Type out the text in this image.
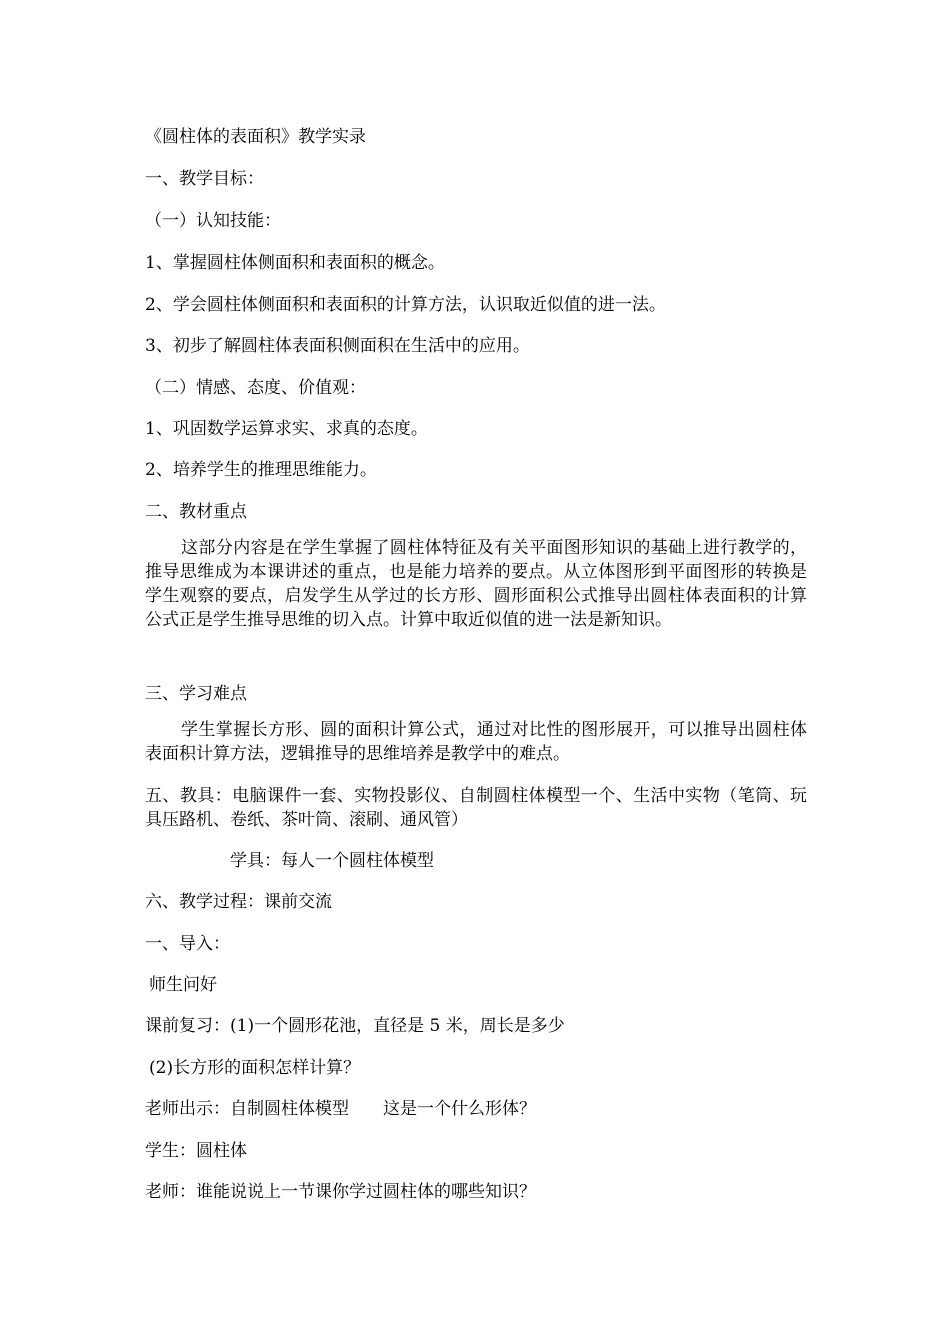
《圆柱体的表面积》教学实录
一、教学目标：
（一）认知技能：
1、掌握圆柱体侧面积和表面积的概念。
2、学会圆柱体侧面积和表面积的计算方法，认识取近似值的进一法。
3、初步了解圆柱体表面积侧面积在生活中的应用。
（二）情感、态度、价值观：
1、巩固数学运算求实、求真的态度。
2、培养学生的推理思维能力。
二、教材重点
这部分内容是在学生掌握了圆柱体特征及有关平面图形知识的基础上进行教学的，推导思维成为本课讲述的重点，也是能力培养的要点。从立体图形到平面图形的转换是学生观察的要点，启发学生从学过的长方形、圆形面积公式推导出圆柱体表面积的计算公式正是学生推导思维的切入点。计算中取近似值的进一法是新知识。
三、学习难点
学生掌握长方形、圆的面积计算公式，通过对比性的图形展开，可以推导出圆柱体表面积计算方法，逻辑推导的思维培养是教学中的难点。
五、教具：电脑课件一套、实物投影仪、自制圆柱体模型一个、生活中实物（笔筒、玩具压路机、卷纸、茶叶筒、滚刷、通风管）
学具：每人一个圆柱体模型
六、教学过程：课前交流
一、导入：
师生问好
课前复习：(1)一个圆形花池，直径是 5 米，周长是多少
(2)长方形的面积怎样计算？
老师出示：自制圆柱体模型　　这是一个什么形体？
学生：圆柱体
老师：谁能说说上一节课你学过圆柱体的哪些知识？
